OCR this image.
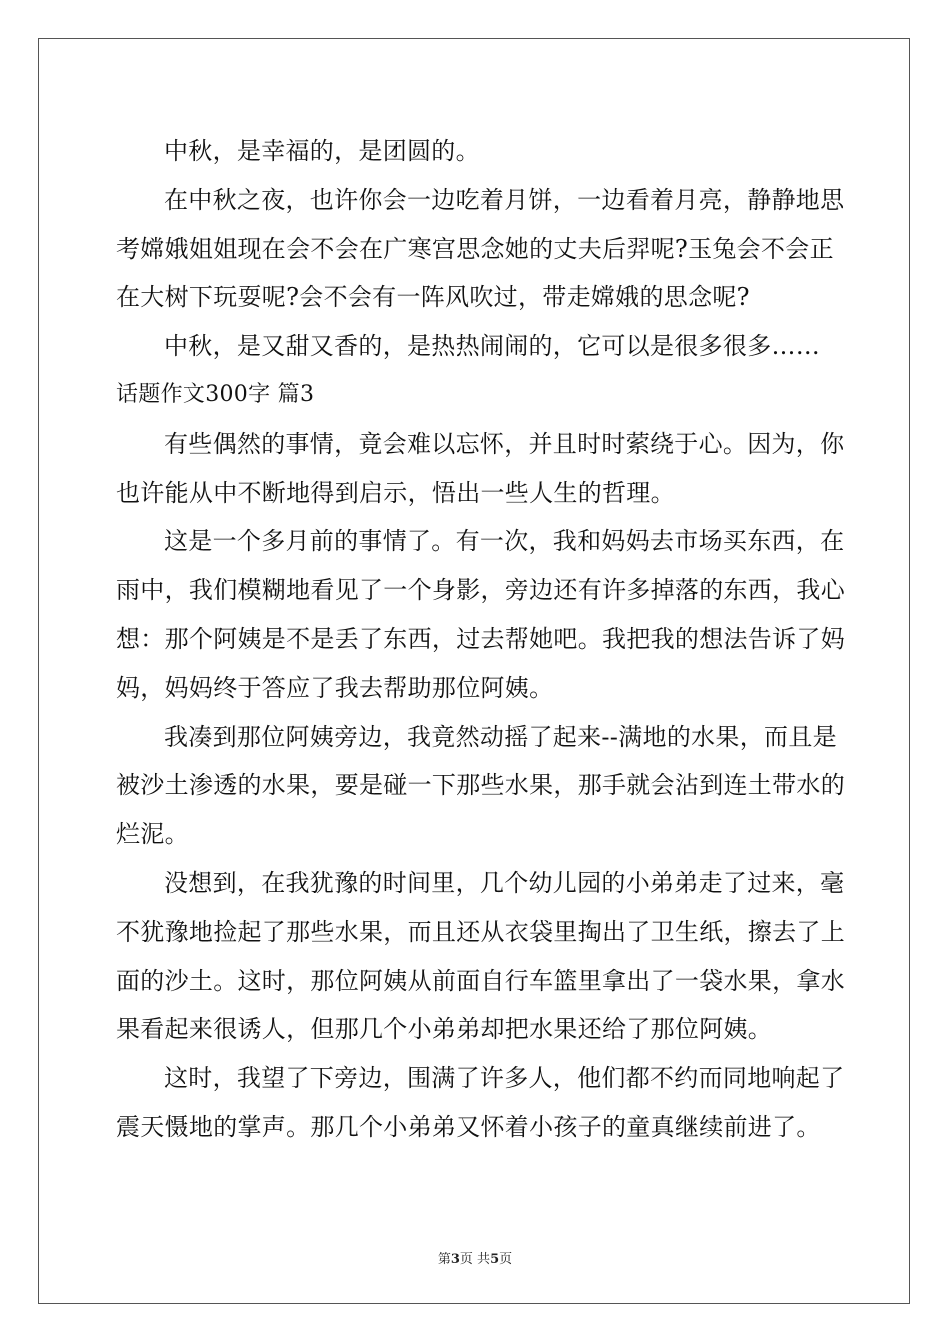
中秋，是幸福的，是团圆的。
在中秋之夜，也许你会一边吃着月饼，一边看着月亮，静静地思
考嫦娥姐姐现在会不会在广寒宫思念她的丈夫后羿呢?玉兔会不会正
在大树下玩耍呢?会不会有一阵风吹过，带走嫦娥的思念呢?
中秋，是又甜又香的，是热热闹闹的，它可以是很多很多……
话题作文300字 篇3
有些偶然的事情，竟会难以忘怀，并且时时萦绕于心。因为，你
也许能从中不断地得到启示，悟出一些人生的哲理。
这是一个多月前的事情了。有一次，我和妈妈去市场买东西，在
雨中，我们模糊地看见了一个身影，旁边还有许多掉落的东西，我心
想：那个阿姨是不是丢了东西，过去帮她吧。我把我的想法告诉了妈
妈，妈妈终于答应了我去帮助那位阿姨。
我凑到那位阿姨旁边，我竟然动摇了起来--满地的水果，而且是
被沙土渗透的水果，要是碰一下那些水果，那手就会沾到连土带水的
烂泥。
没想到，在我犹豫的时间里，几个幼儿园的小弟弟走了过来，毫
不犹豫地捡起了那些水果，而且还从衣袋里掏出了卫生纸，擦去了上
面的沙土。这时，那位阿姨从前面自行车篮里拿出了一袋水果，拿水
果看起来很诱人，但那几个小弟弟却把水果还给了那位阿姨。
这时，我望了下旁边，围满了许多人，他们都不约而同地响起了
震天慑地的掌声。那几个小弟弟又怀着小孩子的童真继续前进了。
第3页 共5页
